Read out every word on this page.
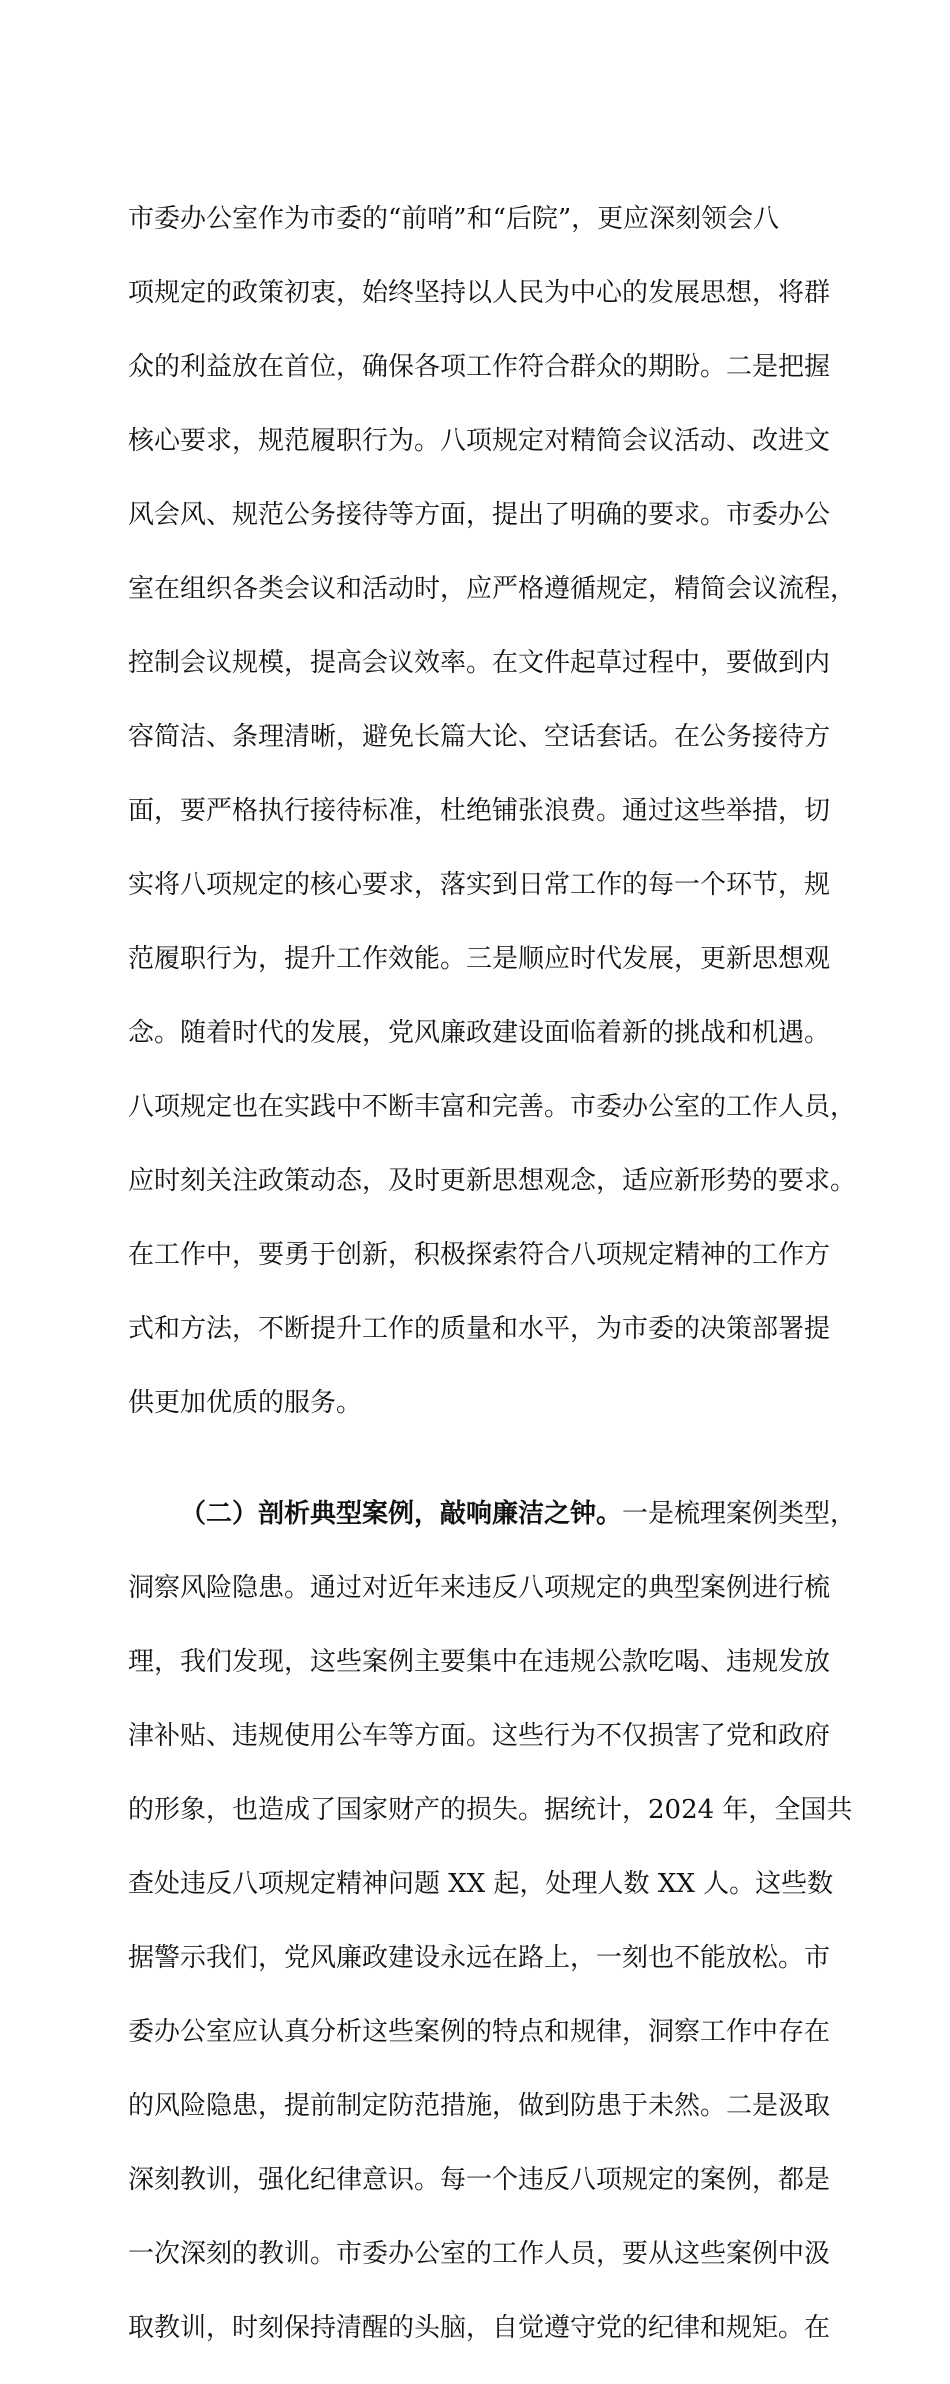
市委办公室作为市委的“前哨”和“后院”，更应深刻领会八

项规定的政策初衷，始终坚持以人民为中心的发展思想，将群

众的利益放在首位，确保各项工作符合群众的期盼。二是把握

核心要求，规范履职行为。八项规定对精简会议活动、改进文

风会风、规范公务接待等方面，提出了明确的要求。市委办公

室在组织各类会议和活动时，应严格遵循规定，精简会议流程，

控制会议规模，提高会议效率。在文件起草过程中，要做到内

容简洁、条理清晰，避免长篇大论、空话套话。在公务接待方

面，要严格执行接待标准，杜绝铺张浪费。通过这些举措，切

实将八项规定的核心要求，落实到日常工作的每一个环节，规

范履职行为，提升工作效能。三是顺应时代发展，更新思想观

念。随着时代的发展，党风廉政建设面临着新的挑战和机遇。

八项规定也在实践中不断丰富和完善。市委办公室的工作人员，

应时刻关注政策动态，及时更新思想观念，适应新形势的要求。

在工作中，要勇于创新，积极探索符合八项规定精神的工作方

式和方法，不断提升工作的质量和水平，为市委的决策部署提

供更加优质的服务。

（二）剖析典型案例，敲响廉洁之钟。一是梳理案例类型，

洞察风险隐患。通过对近年来违反八项规定的典型案例进行梳

理，我们发现，这些案例主要集中在违规公款吃喝、违规发放

津补贴、违规使用公车等方面。这些行为不仅损害了党和政府

的形象，也造成了国家财产的损失。据统计，2024 年，全国共

查处违反八项规定精神问题 XX 起，处理人数 XX 人。这些数

据警示我们，党风廉政建设永远在路上，一刻也不能放松。市

委办公室应认真分析这些案例的特点和规律，洞察工作中存在

的风险隐患，提前制定防范措施，做到防患于未然。二是汲取

深刻教训，强化纪律意识。每一个违反八项规定的案例，都是

一次深刻的教训。市委办公室的工作人员，要从这些案例中汲

取教训，时刻保持清醒的头脑，自觉遵守党的纪律和规矩。在
